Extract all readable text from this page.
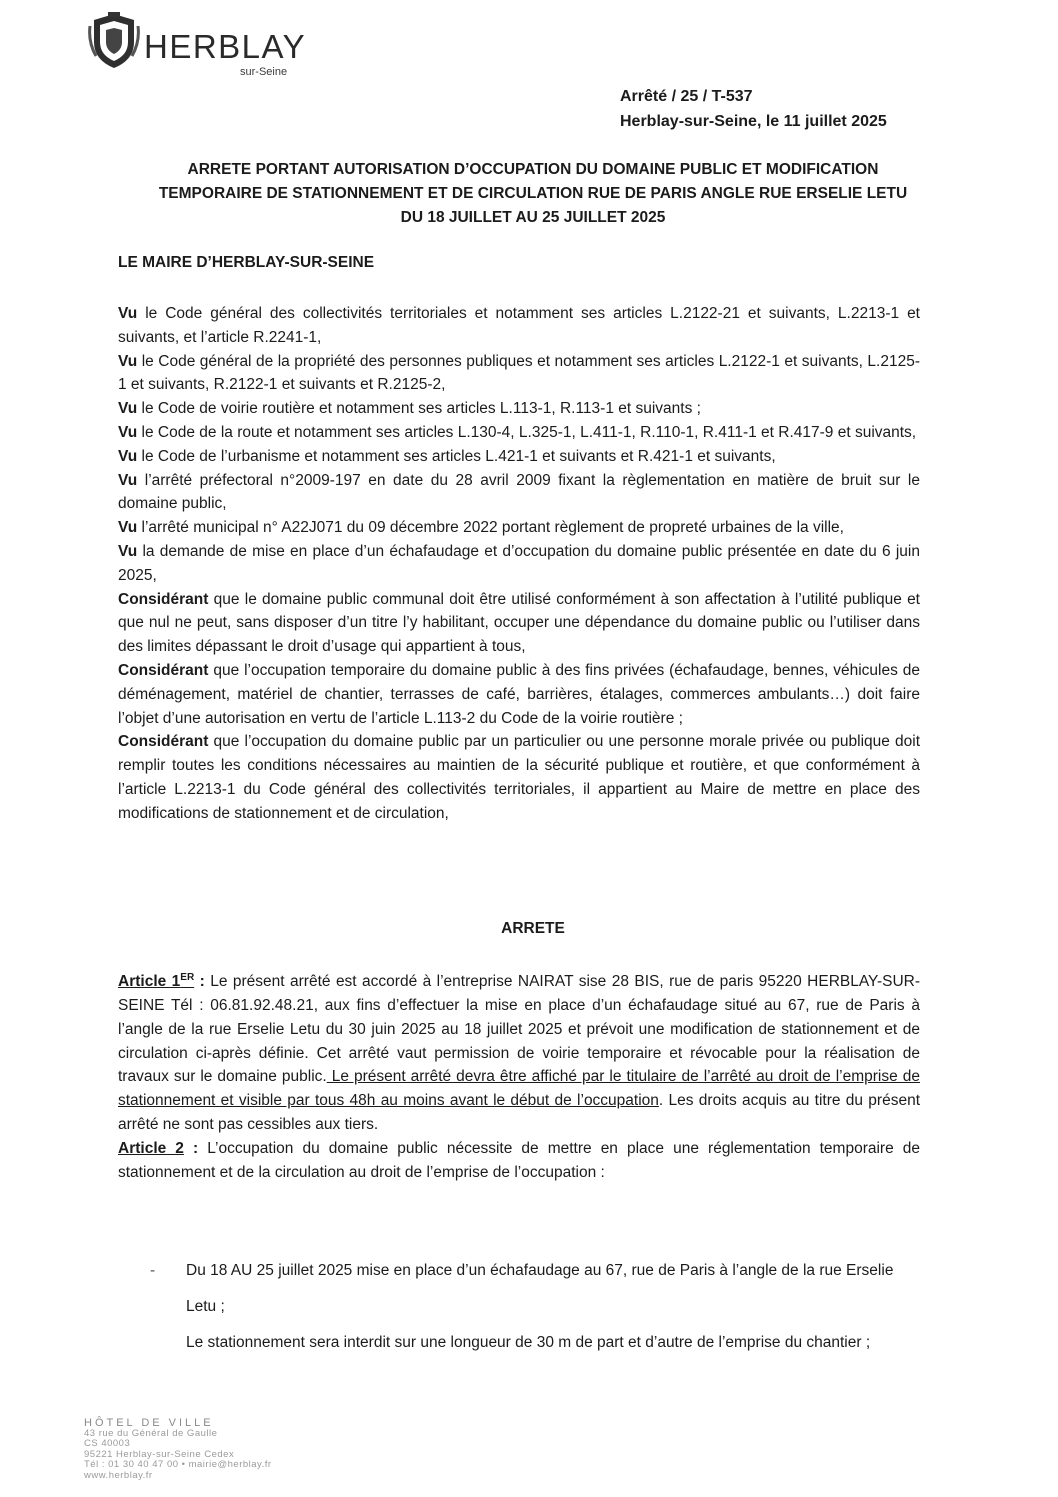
HERBLAY
sur-Seine
Arrêté / 25 / T-537
Herblay-sur-Seine, le 11 juillet 2025
ARRETE PORTANT AUTORISATION D’OCCUPATION DU DOMAINE PUBLIC ET MODIFICATION
TEMPORAIRE DE STATIONNEMENT ET DE CIRCULATION RUE DE PARIS ANGLE RUE ERSELIE LETU
DU 18 JUILLET AU 25 JUILLET 2025
LE MAIRE D’HERBLAY-SUR-SEINE

Vu le Code général des collectivités territoriales et notamment ses articles L.2122-21 et suivants, L.2213-1 et suivants, et l’article R.2241-1,

Vu le Code général de la propriété des personnes publiques et notamment ses articles L.2122-1 et suivants, L.2125-1 et suivants, R.2122-1 et suivants et R.2125-2,

Vu le Code de voirie routière et notamment ses articles L.113-1, R.113-1 et suivants ;

Vu le Code de la route et notamment ses articles L.130-4, L.325-1, L.411-1, R.110-1, R.411-1 et R.417-9 et suivants,

Vu le Code de l’urbanisme et notamment ses articles L.421-1 et suivants et R.421-1 et suivants,

Vu l’arrêté préfectoral n°2009-197 en date du 28 avril 2009 fixant la règlementation en matière de bruit sur le domaine public,

Vu l’arrêté municipal n° A22J071 du 09 décembre 2022 portant règlement de propreté urbaines de la ville,

Vu la demande de mise en place d’un échafaudage et d’occupation du domaine public présentée en date du 6 juin 2025,

Considérant que le domaine public communal doit être utilisé conformément à son affectation à l’utilité publique et que nul ne peut, sans disposer d’un titre l’y habilitant, occuper une dépendance du domaine public ou l’utiliser dans des limites dépassant le droit d’usage qui appartient à tous,

Considérant que l’occupation temporaire du domaine public à des fins privées (échafaudage, bennes, véhicules de déménagement, matériel de chantier, terrasses de café, barrières, étalages, commerces ambulants…) doit faire l’objet d’une autorisation en vertu de l’article L.113-2 du Code de la voirie routière ;

Considérant que l’occupation du domaine public par un particulier ou une personne morale privée ou publique doit remplir toutes les conditions nécessaires au maintien de la sécurité publique et routière, et que conformément à l’article L.2213-1 du Code général des collectivités territoriales, il appartient au Maire de mettre en place des modifications de stationnement et de circulation,

ARRETE

Article 1ER : Le présent arrêté est accordé à l’entreprise NAIRAT sise 28 BIS, rue de paris 95220 HERBLAY-SUR-SEINE Tél : 06.81.92.48.21, aux fins d’effectuer la mise en place d’un échafaudage situé au 67, rue de Paris à l’angle de la rue Erselie Letu du 30 juin 2025 au 18 juillet 2025 et prévoit une modification de stationnement et de circulation ci-après définie. Cet arrêté vaut permission de voirie temporaire et révocable pour la réalisation de travaux sur le domaine public. Le présent arrêté devra être affiché par le titulaire de l’arrêté au droit de l’emprise de stationnement et visible par tous 48h au moins avant le début de l’occupation. Les droits acquis au titre du présent arrêté ne sont pas cessibles aux tiers.

Article 2 : L’occupation du domaine public nécessite de mettre en place une réglementation temporaire de stationnement et de la circulation au droit de l’emprise de l’occupation :

- Du 18 AU 25 juillet 2025 mise en place d’un échafaudage au 67, rue de Paris à l’angle de la rue Erselie Letu ;

Le stationnement sera interdit sur une longueur de 30 m de part et d’autre de l’emprise du chantier ;

HÔTEL DE VILLE
43 rue du Général de Gaulle
CS 40003
95221 Herblay-sur-Seine Cedex
Tél : 01 30 40 47 00 • mairie@herblay.fr
www.herblay.fr
